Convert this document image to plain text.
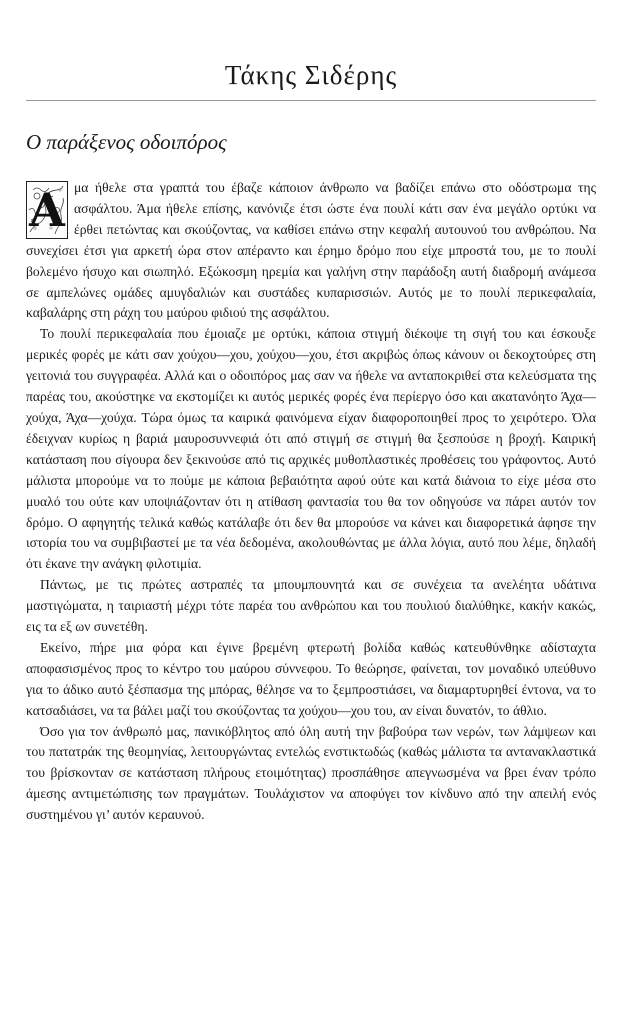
Τάκης Σιδέρης
Ο παράξενος οδοιπόρος

Α μα ήθελε στα γραπτά του έβαζε κάποιον άνθρωπο να βαδίζει επάνω στο οδόστρωμα της ασφάλτου. Άμα ήθελε επίσης, κανόνιζε έτσι ώστε ένα πουλί κάτι σαν ένα μεγάλο ορτύκι να έρθει πετώντας και σκούζοντας, να καθίσει επάνω στην κεφαλή αυτουνού του ανθρώπου. Να συνεχίσει έτσι για αρκετή ώρα στον απέραντο και έρημο δρόμο που είχε μπροστά του, με το πουλί βολεμένο ήσυχο και σιωπηλό. Εξώκοσμη ηρεμία και γαλήνη στην παράδοξη αυτή διαδρομή ανάμεσα σε αμπελώνες ομάδες αμυγδαλιών και συστάδες κυπαρισσιών. Αυτός με το πουλί περικεφαλαία, καβαλάρης στη ράχη του μαύρου φιδιού της ασφάλτου.

Το πουλί περικεφαλαία που έμοιαζε με ορτύκι, κάποια στιγμή διέκοψε τη σιγή του και έσκουξε μερικές φορές με κάτι σαν χούχου—χου, χούχου—χου, έτσι ακριβώς όπως κάνουν οι δεκοχτούρες στη γειτονιά του συγγραφέα. Αλλά και ο οδοιπόρος μας σαν να ήθελε να ανταποκριθεί στα κελεύσματα της παρέας του, ακούστηκε να εκστομίζει κι αυτός μερικές φορές ένα περίεργο όσο και ακατανόητο Άχα—χούχα, Άχα—χούχα. Τώρα όμως τα καιρικά φαινόμενα είχαν διαφοροποιηθεί προς το χειρότερο. Όλα έδειχναν κυρίως η βαριά μαυροσυννεφιά ότι από στιγμή σε στιγμή θα ξεσπούσε η βροχή. Καιρική κατάσταση που σίγουρα δεν ξεκινούσε από τις αρχικές μυθοπλαστικές προθέσεις του γράφοντος. Αυτό μάλιστα μπορούμε να το πούμε με κάποια βεβαιότητα αφού ούτε και κατά διάνοια το είχε μέσα στο μυαλό του ούτε καν υποψιάζονταν ότι η ατίθαση φαντασία του θα τον οδηγούσε να πάρει αυτόν τον δρόμο. Ο αφηγητής τελικά καθώς κατάλαβε ότι δεν θα μπορούσε να κάνει και διαφορετικά άφησε την ιστορία του να συμβιβαστεί με τα νέα δεδομένα, ακολουθώντας με άλλα λόγια, αυτό που λέμε, δηλαδή ότι έκανε την ανάγκη φιλοτιμία.

Πάντως, με τις πρώτες αστραπές τα μπουμπουνητά και σε συνέχεια τα ανελέητα υδάτινα μαστιγώματα, η ταιριαστή μέχρι τότε παρέα του ανθρώπου και του πουλιού διαλύθηκε, κακήν κακώς, εις τα εξ ων συνετέθη.

Εκείνο, πήρε μια φόρα και έγινε βρεμένη φτερωτή βολίδα καθώς κατευθύνθηκε αδίσταχτα αποφασισμένος προς το κέντρο του μαύρου σύννεφου. Το θεώρησε, φαίνεται, τον μοναδικό υπεύθυνο για το άδικο αυτό ξέσπασμα της μπόρας, θέλησε να το ξεμπροστιάσει, να διαμαρτυρηθεί έντονα, να το κατσαδιάσει, να τα βάλει μαζί του σκούζοντας τα χούχου—χου του, αν είναι δυνατόν, το άθλιο.

Όσο για τον άνθρωπό μας, πανικόβλητος από όλη αυτή την βαβούρα των νερών, των λάμψεων και του πατατράκ της θεομηνίας, λειτουργώντας εντελώς ενστικτωδώς (καθώς μάλιστα τα αντανακλαστικά του βρίσκονταν σε κατάσταση πλήρους ετοιμότητας) προσπάθησε απεγνωσμένα να βρει έναν τρόπο άμεσης αντιμετώπισης των πραγμάτων. Τουλάχιστον να αποφύγει τον κίνδυνο από την απειλή ενός συστημένου γι’ αυτόν κεραυνού.
